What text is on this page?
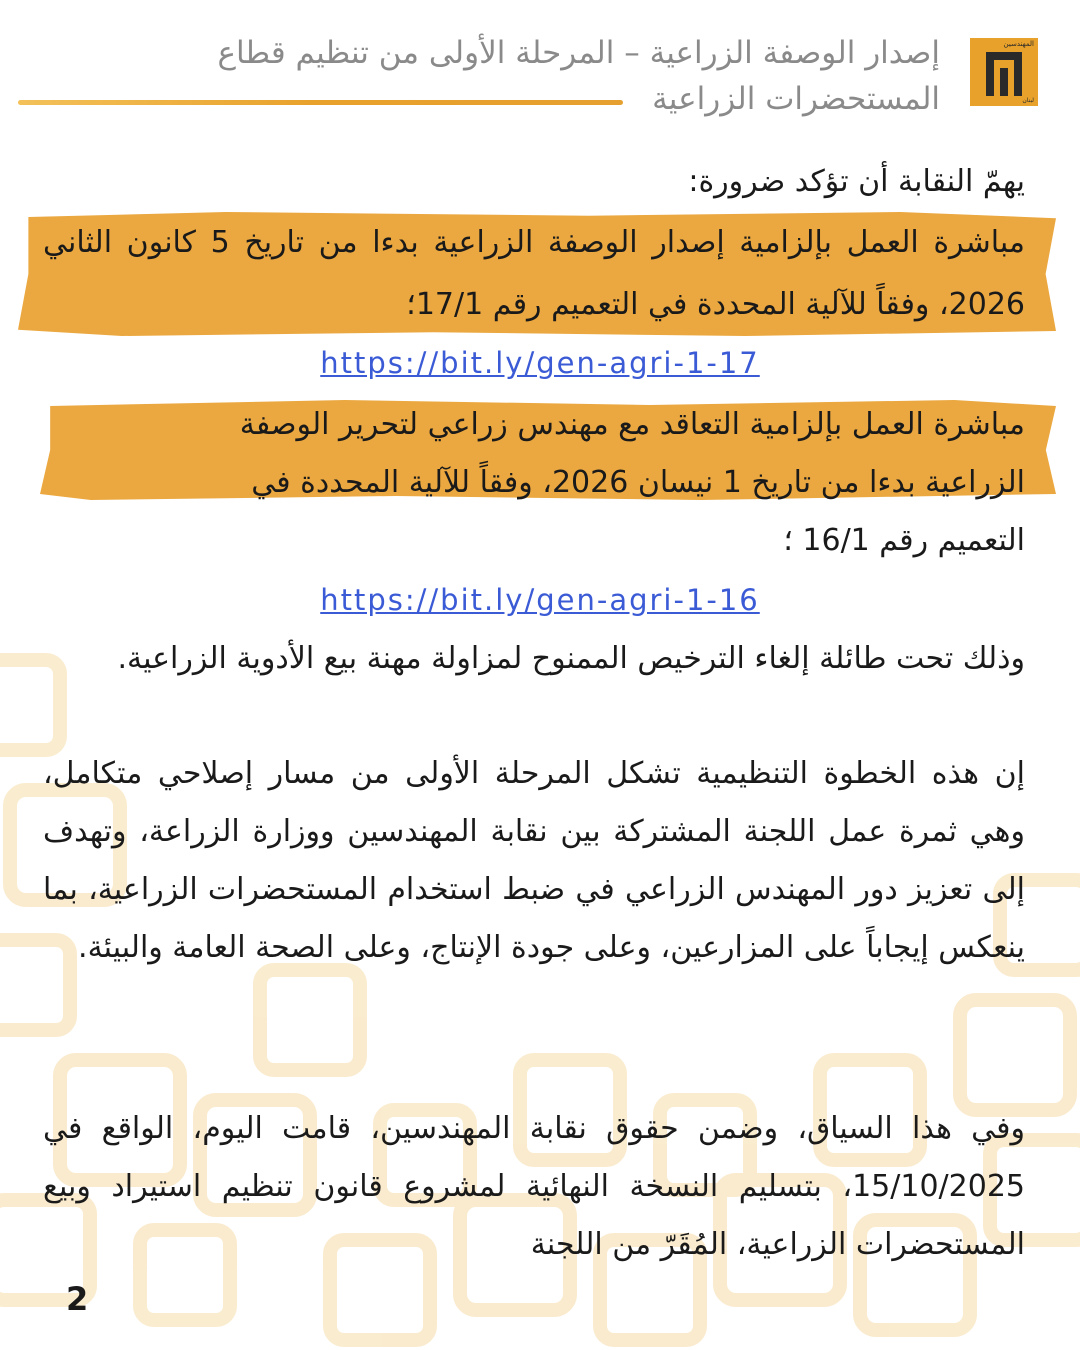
المهندسين
لبنان
إصدار الوصفة الزراعية – المرحلة الأولى من تنظيم قطاع المستحضرات الزراعية
يهمّ النقابة أن تؤكد ضرورة:
مباشرة العمل بإلزامية إصدار الوصفة الزراعية بدءا من تاريخ 5 كانون الثاني 2026، وفقاً للآلية المحددة في التعميم رقم 17/1؛
https://bit.ly/gen-agri-1-17
مباشرة العمل بإلزامية التعاقد مع مهندس زراعي لتحرير الوصفة
الزراعية بدءا من تاريخ 1 نيسان 2026، وفقاً للآلية المحددة في
التعميم رقم 16/1 ؛
https://bit.ly/gen-agri-1-16
وذلك تحت طائلة إلغاء الترخيص الممنوح لمزاولة مهنة بيع الأدوية الزراعية.
إن هذه الخطوة التنظيمية تشكل المرحلة الأولى من مسار إصلاحي متكامل، وهي ثمرة عمل اللجنة المشتركة بين نقابة المهندسين ووزارة الزراعة، وتهدف إلى تعزيز دور المهندس الزراعي في ضبط استخدام المستحضرات الزراعية، بما ينعكس إيجاباً على المزارعين، وعلى جودة الإنتاج، وعلى الصحة العامة والبيئة.
وفي هذا السياق، وضمن حقوق نقابة المهندسين، قامت اليوم، الواقع في 15/10/2025، بتسليم النسخة النهائية لمشروع قانون تنظيم استيراد وبيع المستحضرات الزراعية، المُقَرّ من اللجنة
2
